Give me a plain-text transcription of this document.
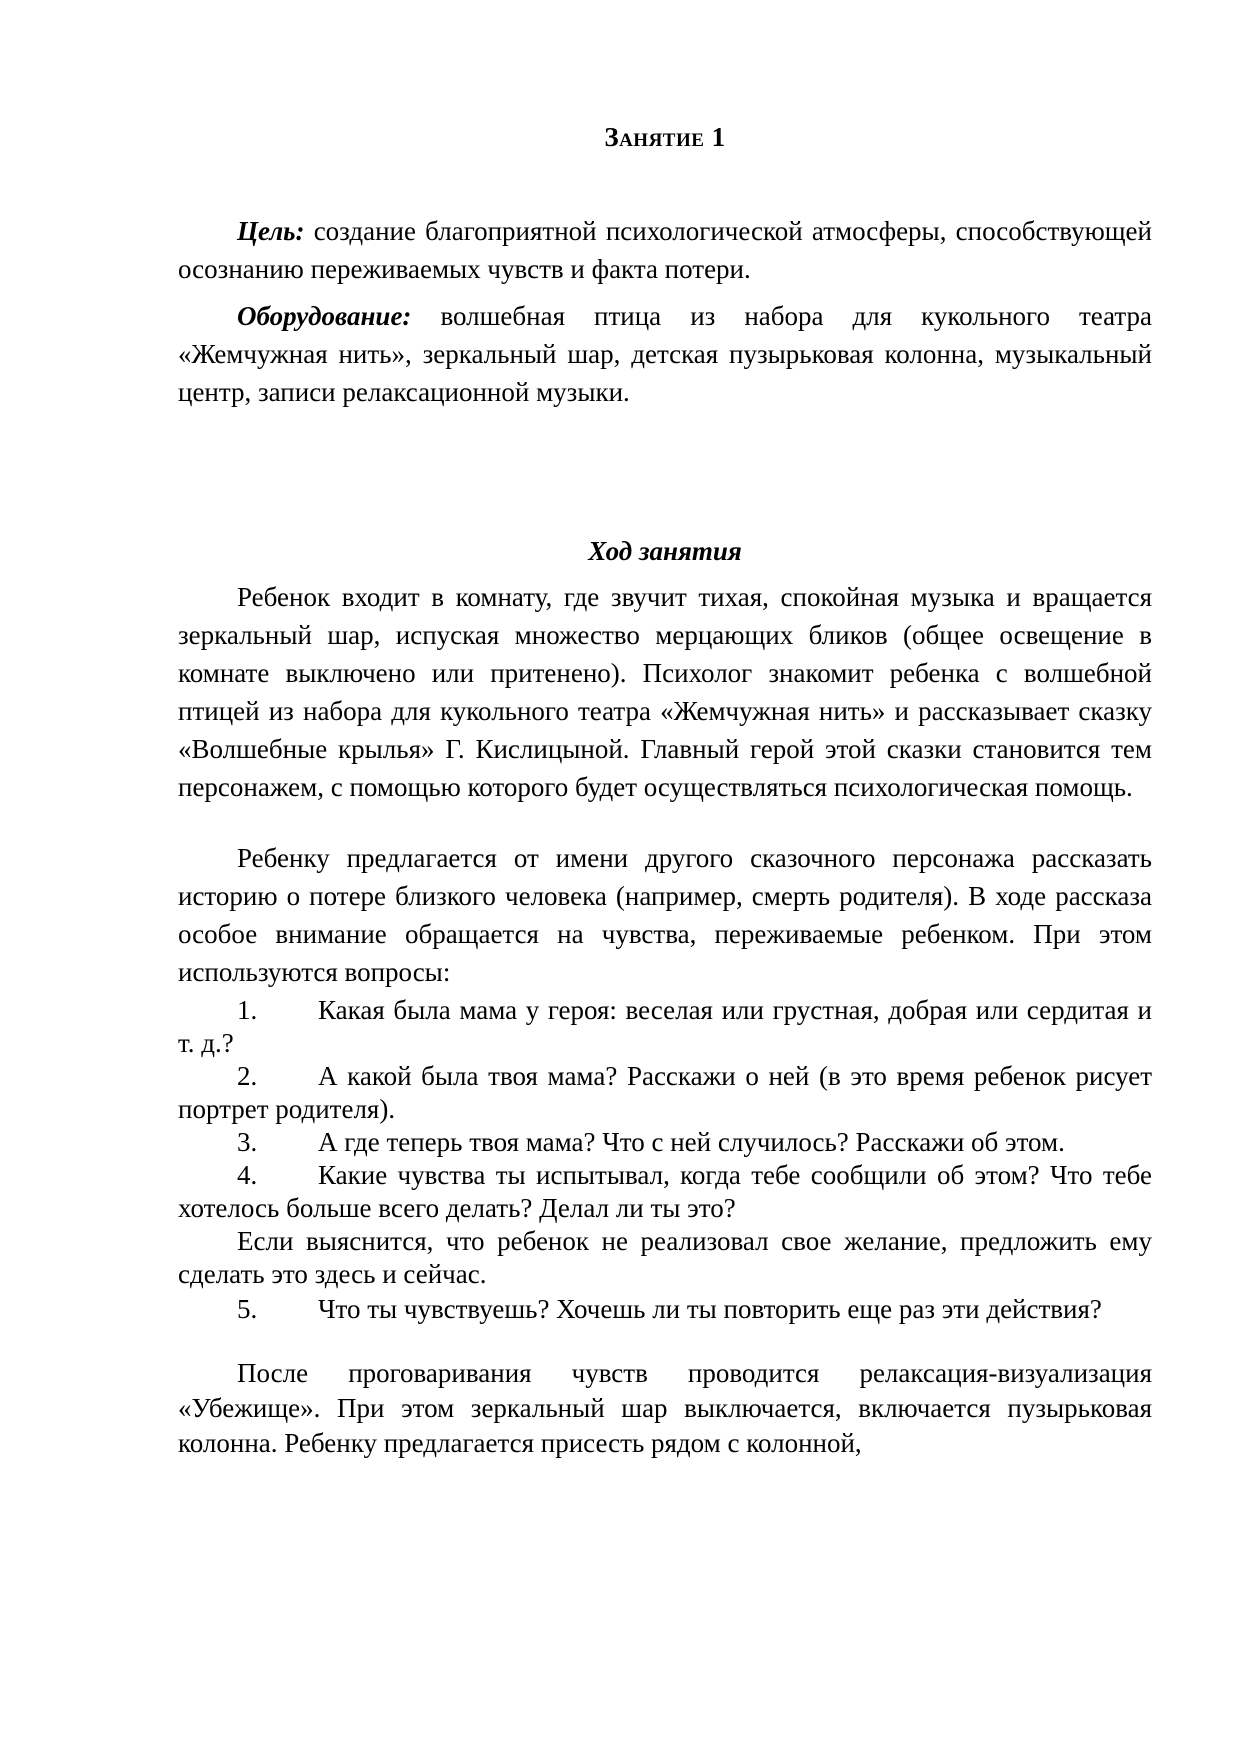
Занятие 1

Цель: создание благоприятной психологической атмосферы, способствующей осознанию переживаемых чувств и факта потери.

Оборудование: волшебная птица из набора для кукольного театра «Жемчужная нить», зеркальный шар, детская пузырьковая колонна, музыкальный центр, записи релаксационной музыки.

Ход занятия

Ребенок входит в комнату, где звучит тихая, спокойная музыка и вращается зеркальный шар, испуская множество мерцающих бликов (общее освещение в комнате выключено или притенено). Психолог знакомит ребенка с волшебной птицей из набора для кукольного театра «Жемчужная нить» и рассказывает сказку «Волшебные крылья» Г. Кислицыной. Главный герой этой сказки становится тем персонажем, с помощью которого будет осуществляться психологическая помощь.

Ребенку предлагается от имени другого сказочного персонажа рассказать историю о потере близкого человека (например, смерть родителя). В ходе рассказа особое внимание обращается на чувства, переживаемые ребенком. При этом используются вопросы:

1. Какая была мама у героя: веселая или грустная, добрая или сердитая и т. д.?

2. А какой была твоя мама? Расскажи о ней (в это время ребенок рисует портрет родителя).

3. А где теперь твоя мама? Что с ней случилось? Расскажи об этом.

4. Какие чувства ты испытывал, когда тебе сообщили об этом? Что тебе хотелось больше всего делать? Делал ли ты это?

Если выяснится, что ребенок не реализовал свое желание, предложить ему сделать это здесь и сейчас.

5. Что ты чувствуешь? Хочешь ли ты повторить еще раз эти действия?

После проговаривания чувств проводится релаксация-визуализация «Убежище». При этом зеркальный шар выключается, включается пузырьковая колонна. Ребенку предлагается присесть рядом с колонной,
